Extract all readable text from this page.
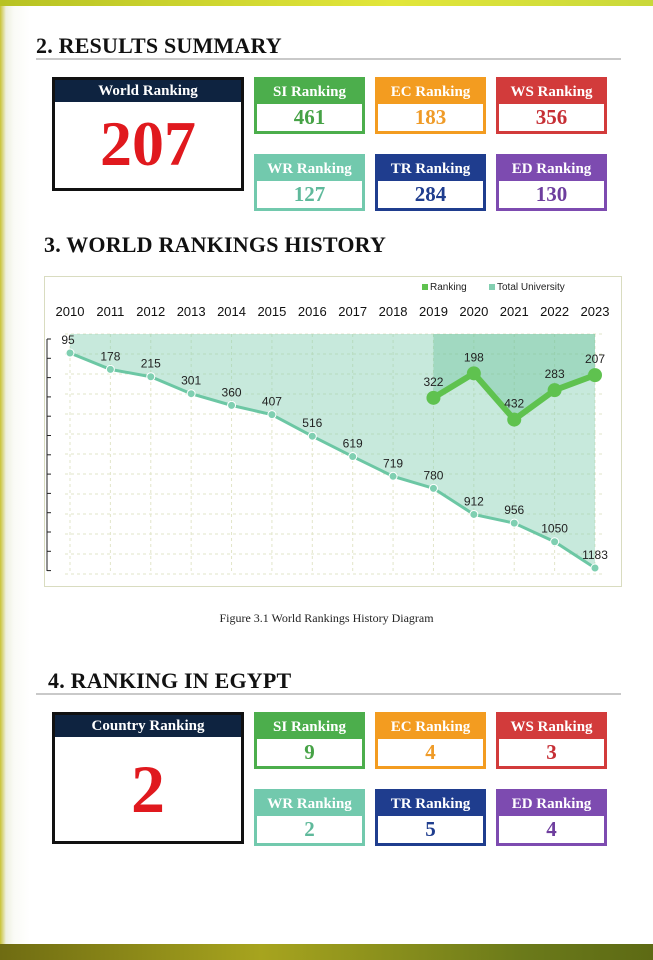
2. RESULTS SUMMARY
World Ranking
207
SI Ranking
461
EC Ranking
183
WS Ranking
356
WR Ranking
127
TR Ranking
284
ED Ranking
130
3. WORLD RANKINGS HISTORY
95
178
215
301
360
407
516
619
719
780
912
956
1050
1183
322
198
432
283
207
2010 2011 2012 2013 2014 2015 2016 2017 2018 2019 2020 2021 2022 2023
Ranking	Total University
Figure 3.1 World Rankings History Diagram
4. RANKING IN EGYPT
Country Ranking
2
SI Ranking
9
EC Ranking
4
WS Ranking
3
WR Ranking
2
TR Ranking
5
ED Ranking
4
